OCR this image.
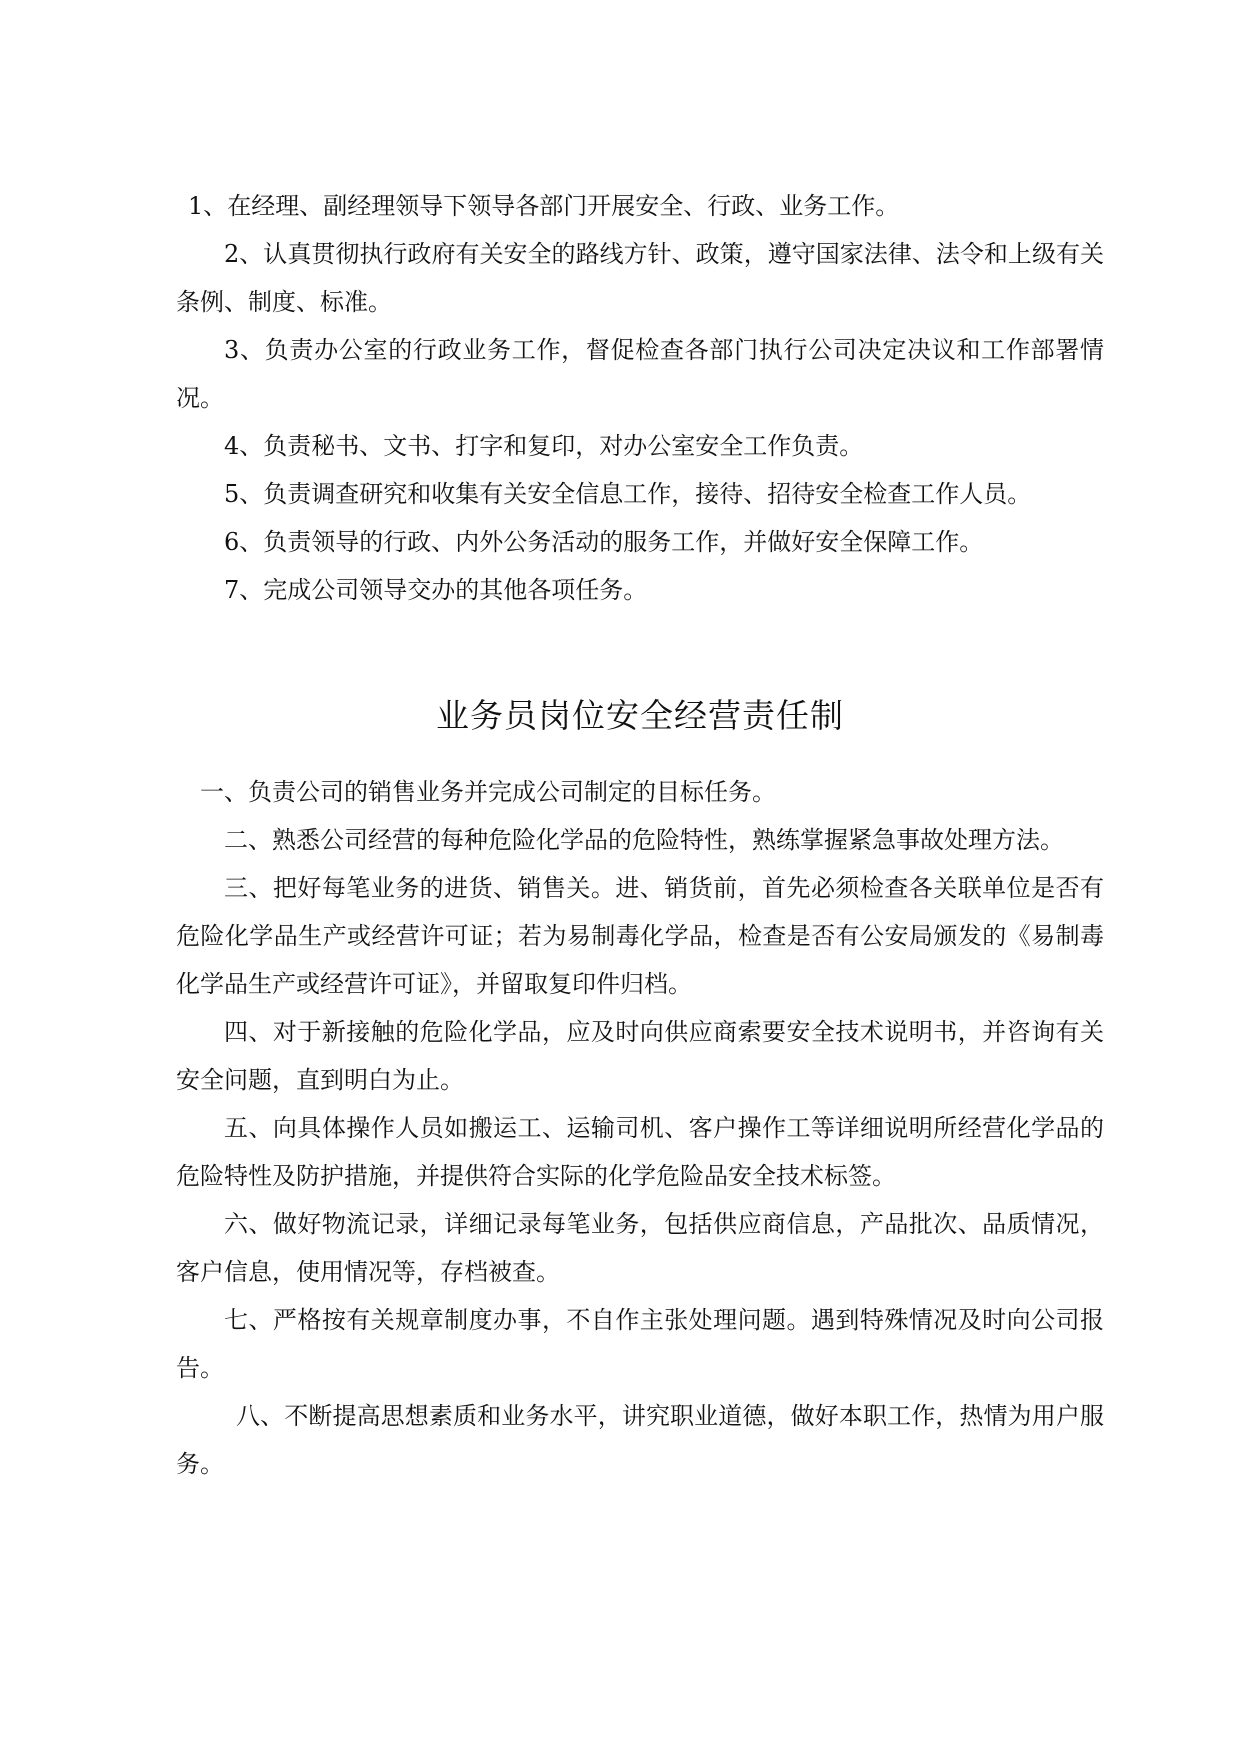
1、在经理、副经理领导下领导各部门开展安全、行政、业务工作。

2、认真贯彻执行政府有关安全的路线方针、政策，遵守国家法律、法令和上级有关条例、制度、标准。

3、负责办公室的行政业务工作，督促检查各部门执行公司决定决议和工作部署情况。

4、负责秘书、文书、打字和复印，对办公室安全工作负责。

5、负责调查研究和收集有关安全信息工作，接待、招待安全检查工作人员。

6、负责领导的行政、内外公务活动的服务工作，并做好安全保障工作。

7、完成公司领导交办的其他各项任务。

业务员岗位安全经营责任制

一、负责公司的销售业务并完成公司制定的目标任务。

二、熟悉公司经营的每种危险化学品的危险特性，熟练掌握紧急事故处理方法。

三、把好每笔业务的进货、销售关。进、销货前，首先必须检查各关联单位是否有危险化学品生产或经营许可证；若为易制毒化学品，检查是否有公安局颁发的《易制毒化学品生产或经营许可证》，并留取复印件归档。

四、对于新接触的危险化学品，应及时向供应商索要安全技术说明书，并咨询有关安全问题，直到明白为止。

五、向具体操作人员如搬运工、运输司机、客户操作工等详细说明所经营化学品的危险特性及防护措施，并提供符合实际的化学危险品安全技术标签。

六、做好物流记录，详细记录每笔业务，包括供应商信息，产品批次、品质情况，客户信息，使用情况等，存档被查。

七、严格按有关规章制度办事，不自作主张处理问题。遇到特殊情况及时向公司报告。

八、不断提高思想素质和业务水平，讲究职业道德，做好本职工作，热情为用户服务。
